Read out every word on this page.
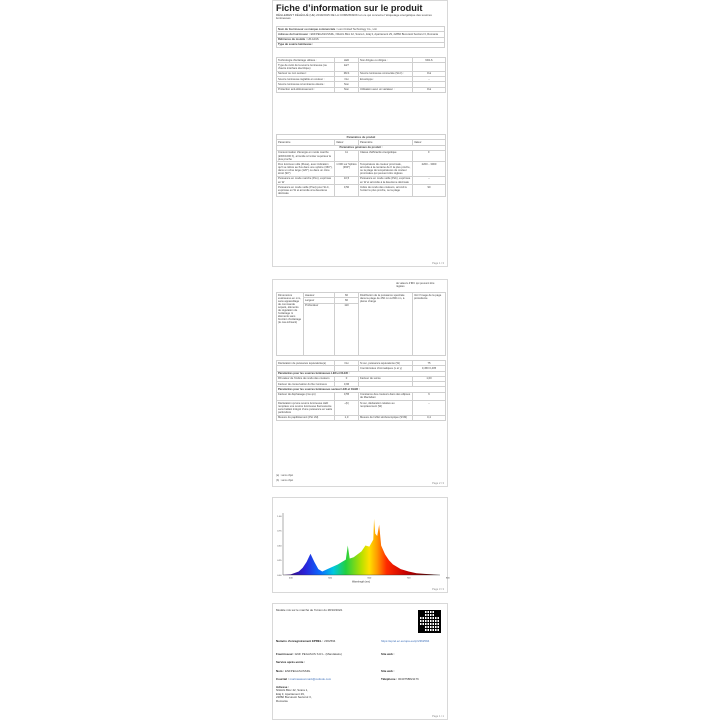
Fiche d’information sur le produit
RÈGLEMENT DÉLÉGUÉ (UE) 2019/2015 DE LA COMMISSION en ce qui concerne l’étiquetage énergétique des sources lumineuses
Nom du fournisseur ou marque commerciale : Lumi United Technology Co., Ltd.
Adresse du fournisseur : ENFPEGASUSSRL, NIHAIL Bloc 42, Scara 1, Etaj 3, Apartament 29, 22882 Bucuresti Sectorul 3, Romania
Référence du modèle : LB-G01S
Type de source lumineuse :
Technologie d’éclairage utilisée :	LED	Non dirigée ou dirigée :	NDLS
Type de culot de la source lumineuse (ou d’autre interface électrique)	E27		
Secteur ou non secteur :	MLS	Source lumineuse connectée (SLC) :	Oui
Source lumineuse réglable en couleur :	Oui	Enveloppe :	–
Source lumineuse à luminance élevée :	Non		
Protection anti-éblouissement :	Non	Utilisation avec un variateur :	Oui
Paramètres du produit			
Paramètre	Valeur	Paramètre	Valeur
Paramètres généraux du produit :			
Consommation d’énergie en mode marche (kWh/1000 h), arrondie à l’entier supérieur le plus proche	11	Classe d’efficacité énergétique	F
Flux lumineux utile (Φuse), avec indication qu’il se réfère au flux dans une sphère (360°), dans un cône large (120°) ou dans un cône étroit (90°)	1 000 sur Sphère (360°)	Température de couleur proximale, arrondie à la centaine de K la plus proche, ou la plage de températures de couleur proximales qui peuvent être réglées	2200…3000
Puissance en mode marche (Pon), exprimée en W	10,5	Puissance en mode veille (Psb), exprimée en W et arrondie à la deuxième décimale	–
Puissance en mode veille (Pnet) pour SLC, exprimée en W et arrondie à la deuxième décimale	0,50	Indice de rendu des couleurs, arrondi à l’entier le plus proche, ou la plage	90
Page 1 / 3
de valeurs d’IRC qui peuvent être réglées
Dimensions extérieures en mm, sans appareillage de commande séparé, éléments de régulation de l’éclairage ni éléments sans fonction d’éclairage (le cas échéant)	Hauteur	60	Distribution de la puissance spectrale dans la plage de 250 nm à 800 nm, à pleine charge	Voir l’image de la page précédente
	Largeur	60		
	Profondeur	110		
Déclaration de puissance équivalente(a)	Oui	Si oui, puissance équivalente (W)	75
		Coordonnées chromatiques (x et y)	0,450 0,405
Paramètres pour les sources lumineuses LED et OLED :			
R9 valeur de l’indice de rendu des couleurs	0	Facteur de survie	1,00
Facteur de conservation du flux lumineux	0,96		
Paramètres pour les sources lumineuses secteur LED et OLED :			
Facteur de déphasage (cos φ1)	0,55	Constance des couleurs dans des ellipses de MacAdam	6
Déclaration qu’une source lumineuse LED remplace une source lumineuse fluorescente sans ballast intégré d’une puissance en watts particulière	–(b)	Si oui, déclaration relative au remplacement (W)	–
Mesure du papillotement (Pst LM)	1,0	Mesure de l’effet stroboscopique (SVM)	0,4
(a) : sans objet
(b) : sans objet
Page 2 / 3
1.00
0.75
0.50
0.25
0.00
400	500	600	700	800
Wavelength (nm)
Page 3 / 3
Modèle mis sur le marché de l’Union du 28/10/2024.
Numéro d’enregistrement EPREL : 2362594	https://eprel.ec.europa.eu/qr/2362594
Fournisseur : ENF PEGASUS S.R.L. (Mandataire)	Site web :
Service après-vente :
Nom : ENFPEGASUSSRL	Site web :
Courriel : marinasaxonmark@outlook.com	Téléphone : 0040758821176
Adresse :
NIHAIL Bloc 42, Scara 1,
Etaj 3, Apartament 29,
22882 Bucuresti Sectorul 3,
Romania
Page 1 / 1
